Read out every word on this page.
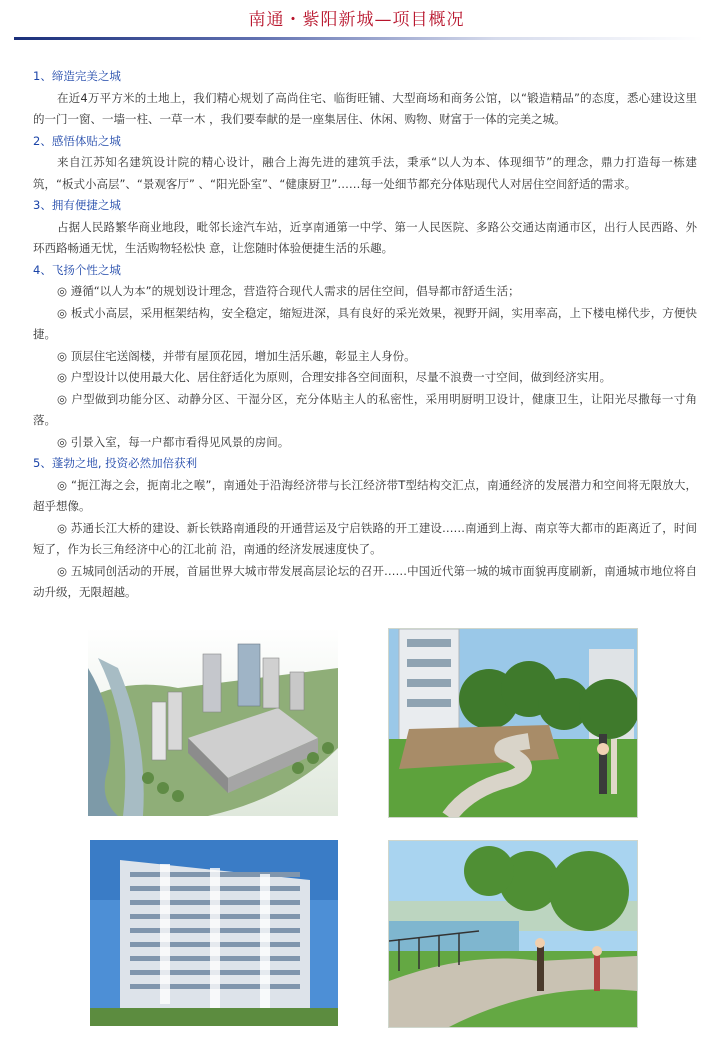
南通・紫阳新城—项目概况
1、缔造完美之城
在近4万平方米的土地上，我们精心规划了高尚住宅、临街旺铺、大型商场和商务公馆，以“锻造精品”的态度，悉心建设这里的一门一窗、一墙一柱、一草一木 ，我们要奉献的是一座集居住、休闲、购物、财富于一体的完美之城。
2、感悟体贴之城
来自江苏知名建筑设计院的精心设计，融合上海先进的建筑手法，秉承“以人为本、体现细节”的理念，鼎力打造每一栋建筑，“板式小高层”、“景观客厅” 、“阳光卧室”、“健康厨卫”……每一处细节都充分体贴现代人对居住空间舒适的需求。
3、拥有便捷之城
占据人民路繁华商业地段，毗邻长途汽车站，近享南通第一中学、第一人民医院、多路公交通达南通市区，出行人民西路、外环西路畅通无忧，生活购物轻松快 意，让您随时体验便捷生活的乐趣。
4、飞扬个性之城
◎ 遵循“以人为本”的规划设计理念，营造符合现代人需求的居住空间，倡导都市舒适生活；
◎ 板式小高层，采用框架结构，安全稳定，缩短进深，具有良好的采光效果，视野开阔，实用率高，上下楼电梯代步，方便快捷。
◎ 顶层住宅送阁楼，并带有屋顶花园，增加生活乐趣，彰显主人身份。
◎ 户型设计以使用最大化、居住舒适化为原则，合理安排各空间面积，尽量不浪费一寸空间，做到经济实用。
◎ 户型做到功能分区、动静分区、干湿分区，充分体贴主人的私密性，采用明厨明卫设计，健康卫生，让阳光尽撒每一寸角落。
◎ 引景入室，每一户都市看得见风景的房间。
5、蓬勃之地, 投资必然加倍获利
◎ “扼江海之会，扼南北之喉”，南通处于沿海经济带与长江经济带T型结构交汇点，南通经济的发展潜力和空间将无限放大，超乎想像。
◎ 苏通长江大桥的建设、新长铁路南通段的开通营运及宁启铁路的开工建设……南通到上海、南京等大都市的距离近了，时间短了，作为长三角经济中心的江北前 沿，南通的经济发展速度快了。
◎ 五城同创活动的开展，首届世界大城市带发展高层论坛的召开……中国近代第一城的城市面貌再度刷新，南通城市地位将自动升级，无限超越。
